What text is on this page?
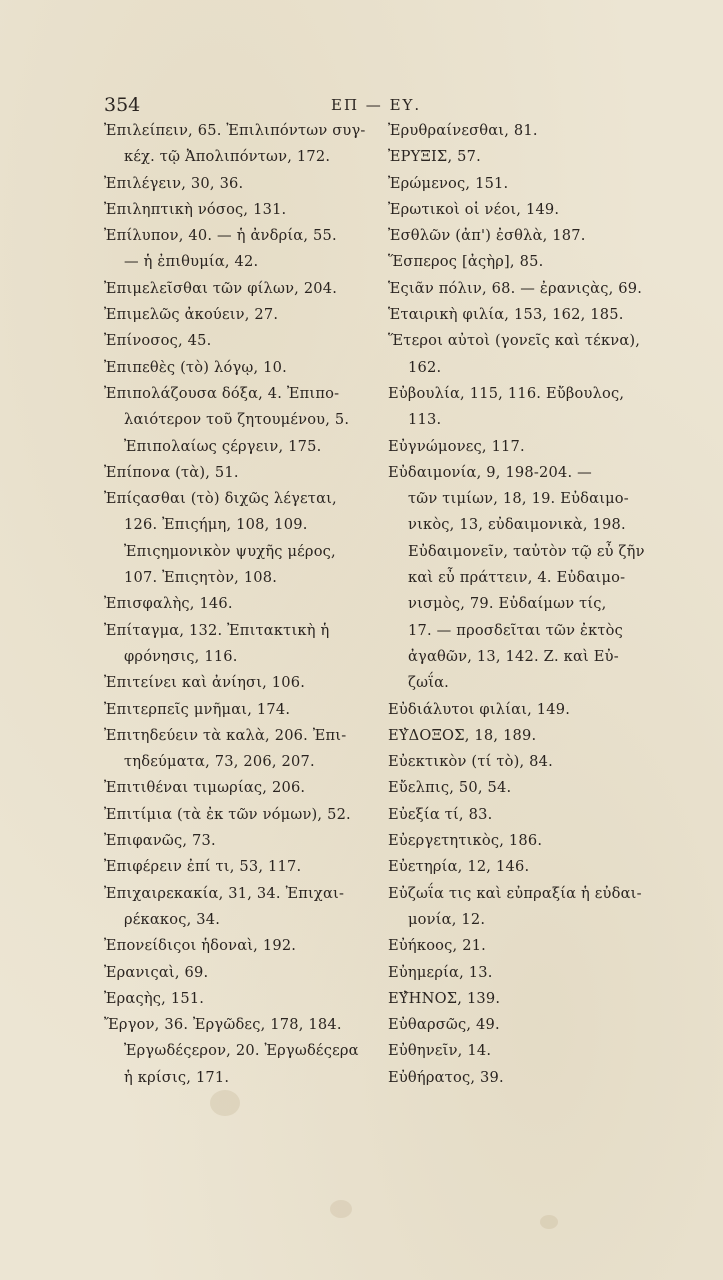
354	ΕΠ — ΕΥ.

Ἐπιλείπειν, 65. Ἐπιλιπόντων συγ-
κέχ. τῷ Ἀπολιπόντων, 172.

Ἐπιλέγειν, 30, 36.

Ἐπιληπτικὴ νόσος, 131.

Ἐπίλυπον, 40. — ἡ ἀνδρία, 55.
— ἡ ἐπιθυμία, 42.

Ἐπιμελεῖσθαι τῶν φίλων, 204.

Ἐπιμελῶς ἀκούειν, 27.

Ἐπίνοσος, 45.

Ἐπιπεθὲς (τὸ) λόγῳ, 10.

Ἐπιπολάζουσα δόξα, 4. Ἐπιπο-
λαιότερον τοῦ ζητουμένου, 5.
Ἐπιπολαίως ςέργειν, 175.

Ἐπίπονα (τὰ), 51.

Ἐπίςασθαι (τὸ) διχῶς λέγεται,
126. Ἐπιςήμη, 108, 109.
Ἐπιςημονικὸν ψυχῆς μέρος,
107. Ἐπιςητὸν, 108.

Ἐπισφαλὴς, 146.

Ἐπίταγμα, 132. Ἐπιτακτικὴ ἡ
φρόνησις, 116.

Ἐπιτείνει καὶ ἀνίησι, 106.

Ἐπιτερπεῖς μνῆμαι, 174.

Ἐπιτηδεύειν τὰ καλὰ, 206. Ἐπι-
τηδεύματα, 73, 206, 207.

Ἐπιτιθέναι τιμωρίας, 206.

Ἐπιτίμια (τὰ ἐκ τῶν νόμων), 52.

Ἐπιφανῶς, 73.

Ἐπιφέρειν ἐπί τι, 53, 117.

Ἐπιχαιρεκακία, 31, 34. Ἐπιχαι-
ρέκακος, 34.

Ἐπονείδιςοι ἡδοναὶ, 192.

Ἐρανιςαὶ, 69.

Ἐραςὴς, 151.

Ἔργον, 36. Ἐργῶδες, 178, 184.
Ἐργωδέςερον, 20. Ἐργωδέςερα
ἡ κρίσις, 171.

Ἐρυθραίνεσθαι, 81.

ἘΡΥΞΙΣ, 57.

Ἐρώμενος, 151.

Ἐρωτικοὶ οἱ νέοι, 149.

Ἐσθλῶν (ἀπ') ἐσθλὰ, 187.

Ἕσπερος [ἀςὴρ], 85.

Ἑςιᾶν πόλιν, 68. — ἐρανιςὰς, 69.

Ἑταιρικὴ φιλία, 153, 162, 185.

Ἕτεροι αὐτοὶ (γονεῖς καὶ τέκνα),
162.

Εὐβουλία, 115, 116. Εὔβουλος,
113.

Εὐγνώμονες, 117.

Εὐδαιμονία, 9, 198-204. —
τῶν τιμίων, 18, 19. Εὐδαιμο-
νικὸς, 13, εὐδαιμονικὰ, 198.
Εὐδαιμονεῖν, ταὐτὸν τῷ εὖ ζῆν
καὶ εὖ πράττειν, 4. Εὐδαιμο-
νισμὸς, 79. Εὐδαίμων τίς,
17. — προσδεῖται τῶν ἐκτὸς
ἀγαθῶν, 13, 142. Ζ. καὶ Εὐ-
ζωΐα.

Εὐδιάλυτοι φιλίαι, 149.

ΕΥ̓ΔΟΞΟΣ, 18, 189.

Εὐεκτικὸν (τί τὸ), 84.

Εὔελπις, 50, 54.

Εὐεξία τί, 83.

Εὐεργετητικὸς, 186.

Εὐετηρία, 12, 146.

Εὐζωΐα τις καὶ εὐπραξία ἡ εὐδαι-
μονία, 12.

Εὐήκοος, 21.

Εὐημερία, 13.

ΕΥ̓́ΗΝΟΣ, 139.

Εὐθαρσῶς, 49.

Εὐθηνεῖν, 14.

Εὐθήρατος, 39.
